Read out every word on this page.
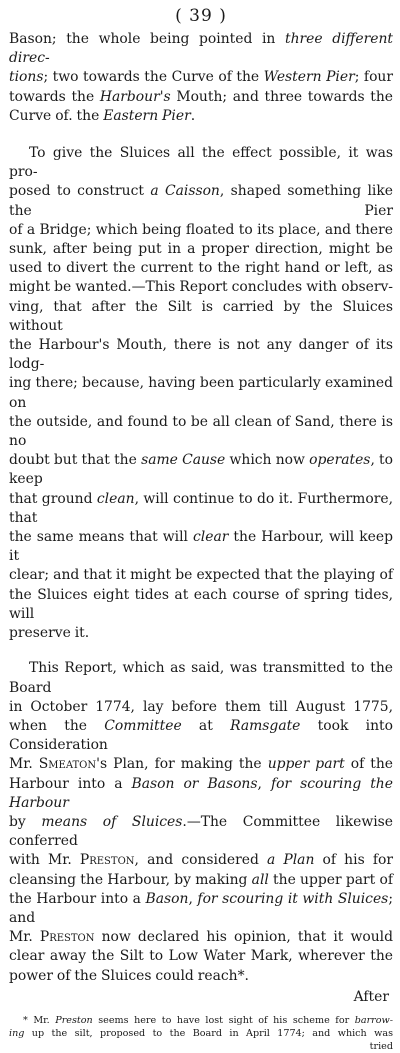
( 39 )

Bason; the whole being pointed in three different direc-
tions; two towards the Curve of the Western Pier; four
towards the Harbour's Mouth; and three towards the
Curve of. the Eastern Pier.

To give the Sluices all the effect possible, it was pro-
posed to construct a Caisson, shaped something like the Pier
of a Bridge; which being floated to its place, and there
sunk, after being put in a proper direction, might be
used to divert the current to the right hand or left, as
might be wanted.—This Report concludes with observ-
ving, that after the Silt is carried by the Sluices without
the Harbour's Mouth, there is not any danger of its lodg-
ing there; because, having been particularly examined on
the outside, and found to be all clean of Sand, there is no
doubt but that the same Cause which now operates, to keep
that ground clean, will continue to do it. Furthermore, that
the same means that will clear the Harbour, will keep it
clear; and that it might be expected that the playing of
the Sluices eight tides at each course of spring tides, will
preserve it.

This Report, which as said, was transmitted to the Board
in October 1774, lay before them till August 1775,
when the Committee at Ramsgate took into Consideration
Mr. Smeaton's Plan, for making the upper part of the
Harbour into a Bason or Basons, for scouring the Harbour
by means of Sluices.—The Committee likewise conferred
with Mr. Preston, and considered a Plan of his for
cleansing the Harbour, by making all the upper part of
the Harbour into a Bason, for scouring it with Sluices; and
Mr. Preston now declared his opinion, that it would
clear away the Silt to Low Water Mark, wherever the
power of the Sluices could reach*.

After
* Mr. Preston seems here to have lost sight of his scheme for barrow-
ing up the silt, proposed to the Board in April 1774; and which was
tried
